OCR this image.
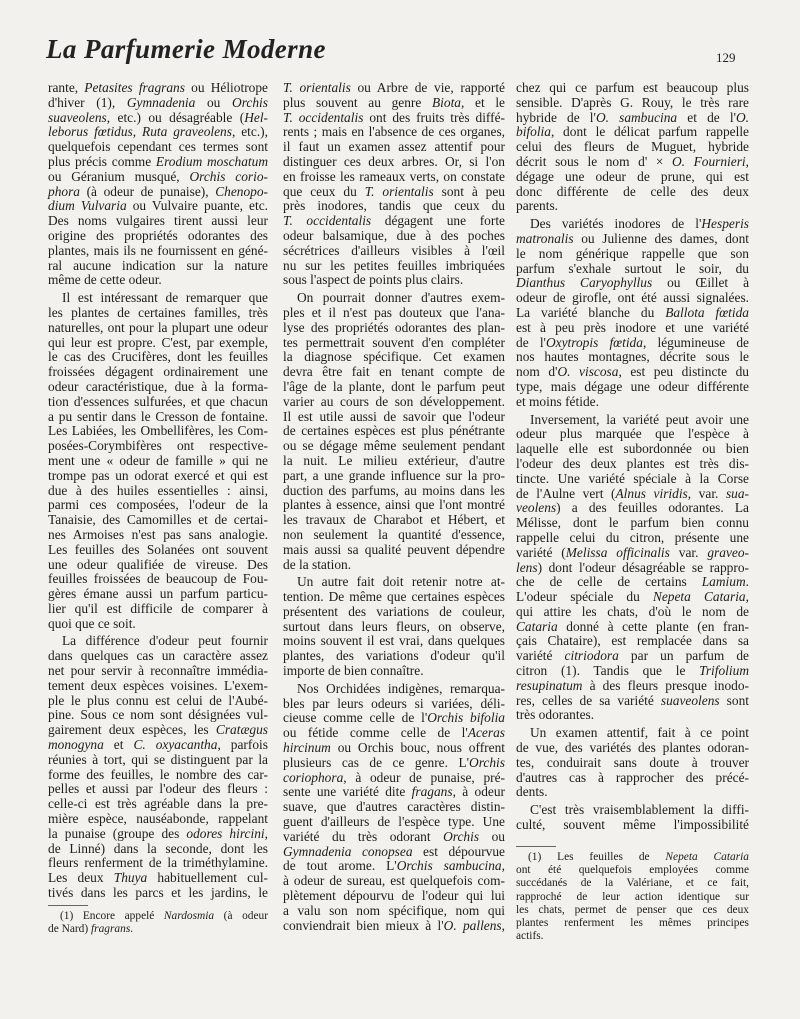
La Parfumerie Moderne	129
rante, Petasites fragrans ou Héliotrope
d'hiver (1), Gymnadenia ou Orchis
suaveolens, etc.) ou désagréable (Hel-
leborus fœtidus, Ruta graveolens, etc.),
quelquefois cependant ces termes sont
plus précis comme Erodium moschatum
ou Géranium musqué, Orchis corio-
phora (à odeur de punaise), Chenopo-
dium Vulvaria ou Vulvaire puante, etc.
Des noms vulgaires tirent aussi leur
origine des propriétés odorantes des
plantes, mais ils ne fournissent en géné-
ral aucune indication sur la nature
même de cette odeur.
Il est intéressant de remarquer que
les plantes de certaines familles, très
naturelles, ont pour la plupart une odeur
qui leur est propre. C'est, par exemple,
le cas des Crucifères, dont les feuilles
froissées dégagent ordinairement une
odeur caractéristique, due à la forma-
tion d'essences sulfurées, et que chacun
a pu sentir dans le Cresson de fontaine.
Les Labiées, les Ombellifères, les Com-
posées-Corymbifères ont respective-
ment une « odeur de famille » qui ne
trompe pas un odorat exercé et qui est
due à des huiles essentielles : ainsi,
parmi ces composées, l'odeur de la
Tanaisie, des Camomilles et de certai-
nes Armoises n'est pas sans analogie.
Les feuilles des Solanées ont souvent
une odeur qualifiée de vireuse. Des
feuilles froissées de beaucoup de Fou-
gères émane aussi un parfum particu-
lier qu'il est difficile de comparer à
quoi que ce soit.
La différence d'odeur peut fournir
dans quelques cas un caractère assez
net pour servir à reconnaître immédia-
tement deux espèces voisines. L'exem-
ple le plus connu est celui de l'Aubé-
pine. Sous ce nom sont désignées vul-
gairement deux espèces, les Cratægus
monogyna et C. oxyacantha, parfois
réunies à tort, qui se distinguent par la
forme des feuilles, le nombre des car-
pelles et aussi par l'odeur des fleurs :
celle-ci est très agréable dans la pre-
mière espèce, nauséabonde, rappelant
la punaise (groupe des odores hircini,
de Linné) dans la seconde, dont les
fleurs renferment de la triméthylamine.
Les deux Thuya habituellement cul-
tivés dans les parcs et les jardins, le
T. orientalis ou Arbre de vie, rapporté
plus souvent au genre Biota, et le
T. occidentalis ont des fruits très diffé-
rents ; mais en l'absence de ces organes,
il faut un examen assez attentif pour
distinguer ces deux arbres. Or, si l'on
en froisse les rameaux verts, on constate
que ceux du T. orientalis sont à peu
près inodores, tandis que ceux du
T. occidentalis dégagent une forte
odeur balsamique, due à des poches
sécrétrices d'ailleurs visibles à l'œil
nu sur les petites feuilles imbriquées
sous l'aspect de points plus clairs.
On pourrait donner d'autres exem-
ples et il n'est pas douteux que l'ana-
lyse des propriétés odorantes des plan-
tes permettrait souvent d'en compléter
la diagnose spécifique. Cet examen
devra être fait en tenant compte de
l'âge de la plante, dont le parfum peut
varier au cours de son développement.
Il est utile aussi de savoir que l'odeur
de certaines espèces est plus pénétrante
ou se dégage même seulement pendant
la nuit. Le milieu extérieur, d'autre
part, a une grande influence sur la pro-
duction des parfums, au moins dans les
plantes à essence, ainsi que l'ont montré
les travaux de Charabot et Hébert, et
non seulement la quantité d'essence,
mais aussi sa qualité peuvent dépendre
de la station.
Un autre fait doit retenir notre at-
tention. De même que certaines espèces
présentent des variations de couleur,
surtout dans leurs fleurs, on observe,
moins souvent il est vrai, dans quelques
plantes, des variations d'odeur qu'il
importe de bien connaître.
Nos Orchidées indigènes, remarqua-
bles par leurs odeurs si variées, déli-
cieuse comme celle de l'Orchis bifolia
ou fétide comme celle de l'Aceras
hircinum ou Orchis bouc, nous offrent
plusieurs cas de ce genre. L'Orchis
coriophora, à odeur de punaise, pré-
sente une variété dite fragans, à odeur
suave, que d'autres caractères distin-
guent d'ailleurs de l'espèce type. Une
variété du très odorant Orchis ou
Gymnadenia conopsea est dépourvue
de tout arome. L'Orchis sambucina,
à odeur de sureau, est quelquefois com-
plètement dépourvu de l'odeur qui lui
a valu son nom spécifique, nom qui
conviendrait bien mieux à l'O. pallens,
chez qui ce parfum est beaucoup plus
sensible. D'après G. Rouy, le très rare
hybride de l'O. sambucina et de l'O.
bifolia, dont le délicat parfum rappelle
celui des fleurs de Muguet, hybride
décrit sous le nom d' × O. Fournieri,
dégage une odeur de prune, qui est
donc différente de celle des deux
parents.
Des variétés inodores de l'Hesperis
matronalis ou Julienne des dames, dont
le nom générique rappelle que son
parfum s'exhale surtout le soir, du
Dianthus Caryophyllus ou Œillet à
odeur de girofle, ont été aussi signalées.
La variété blanche du Ballota fœtida
est à peu près inodore et une variété
de l'Oxytropis fœtida, légumineuse de
nos hautes montagnes, décrite sous le
nom d'O. viscosa, est peu distincte du
type, mais dégage une odeur différente
et moins fétide.
Inversement, la variété peut avoir une
odeur plus marquée que l'espèce à
laquelle elle est subordonnée ou bien
l'odeur des deux plantes est très dis-
tincte. Une variété spéciale à la Corse
de l'Aulne vert (Alnus viridis, var. sua-
veolens) a des feuilles odorantes. La
Mélisse, dont le parfum bien connu
rappelle celui du citron, présente une
variété (Melissa officinalis var. graveo-
lens) dont l'odeur désagréable se rappro-
che de celle de certains Lamium.
L'odeur spéciale du Nepeta Cataria,
qui attire les chats, d'où le nom de
Cataria donné à cette plante (en fran-
çais Chataire), est remplacée dans sa
variété citriodora par un parfum de
citron (1). Tandis que le Trifolium
resupinatum à des fleurs presque inodo-
res, celles de sa variété suaveolens sont
très odorantes.
Un examen attentif, fait à ce point
de vue, des variétés des plantes odoran-
tes, conduirait sans doute à trouver
d'autres cas à rapprocher des précé-
dents.
C'est très vraisemblablement la diffi-
culté, souvent même l'impossibilité
(1) Encore appelé Nardosmia (à odeur
de Nard) fragrans.
(1) Les feuilles de Nepeta Cataria
ont été quelquefois employées comme
succédanés de la Valériane, et ce fait,
rapproché de leur action identique sur
les chats, permet de penser que ces deux
plantes renferment les mêmes principes
actifs.
